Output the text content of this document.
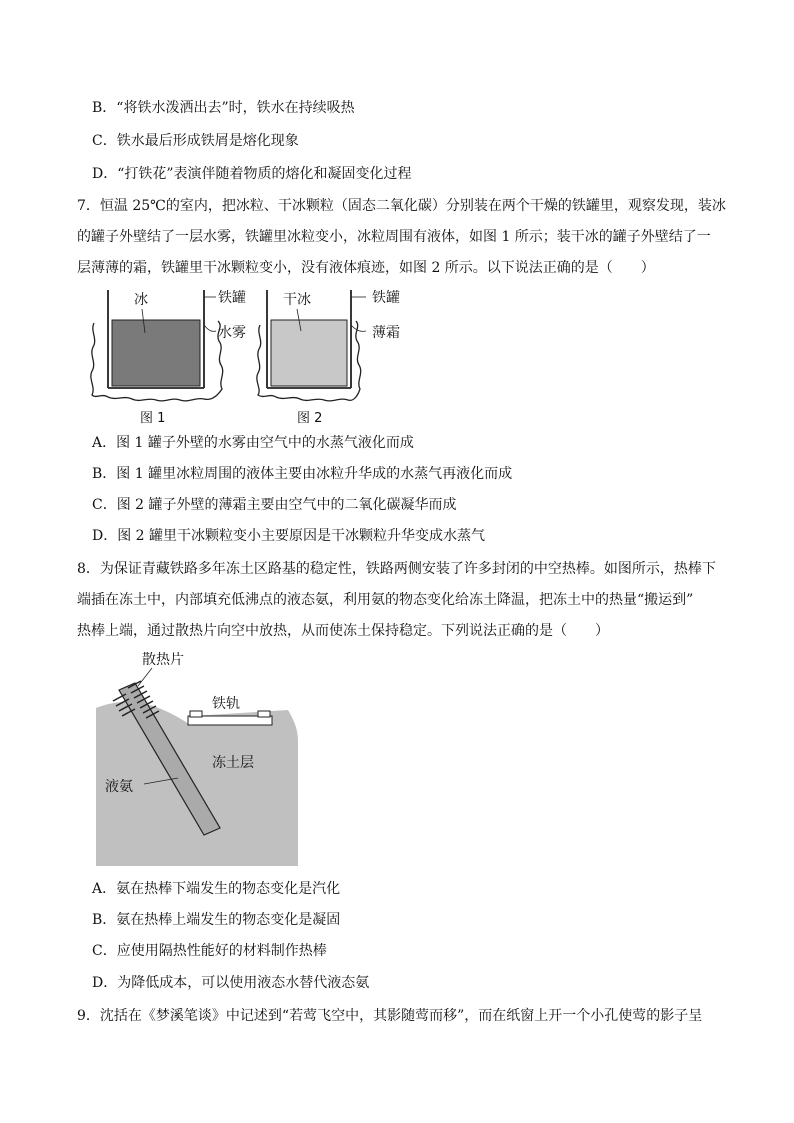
B．“将铁水泼洒出去”时，铁水在持续吸热
C．铁水最后形成铁屑是熔化现象
D．“打铁花”表演伴随着物质的熔化和凝固变化过程
7．恒温 25℃的室内，把冰粒、干冰颗粒（固态二氧化碳）分别装在两个干燥的铁罐里，观察发现，装冰
的罐子外壁结了一层水雾，铁罐里冰粒变小，冰粒周围有液体，如图 1 所示；装干冰的罐子外壁结了一
层薄薄的霜，铁罐里干冰颗粒变小，没有液体痕迹，如图 2 所示。以下说法正确的是（　　）
冰	铁罐
水雾
图 1
干冰	铁罐
薄霜
图 2
A．图 1 罐子外壁的水雾由空气中的水蒸气液化而成
B．图 1 罐里冰粒周围的液体主要由冰粒升华成的水蒸气再液化而成
C．图 2 罐子外壁的薄霜主要由空气中的二氧化碳凝华而成
D．图 2 罐里干冰颗粒变小主要原因是干冰颗粒升华变成水蒸气
8．为保证青藏铁路多年冻土区路基的稳定性，铁路两侧安装了许多封闭的中空热棒。如图所示，热棒下
端插在冻土中，内部填充低沸点的液态氨，利用氨的物态变化给冻土降温，把冻土中的热量“搬运到”
热棒上端，通过散热片向空中放热，从而使冻土保持稳定。下列说法正确的是（　　）
散热片
铁轨
冻土层
液氨
A．氨在热棒下端发生的物态变化是汽化
B．氨在热棒上端发生的物态变化是凝固
C．应使用隔热性能好的材料制作热棒
D．为降低成本，可以使用液态水替代液态氨
9．沈括在《梦溪笔谈》中记述到“若莺飞空中，其影随莺而移”，而在纸窗上开一个小孔使莺的影子呈
